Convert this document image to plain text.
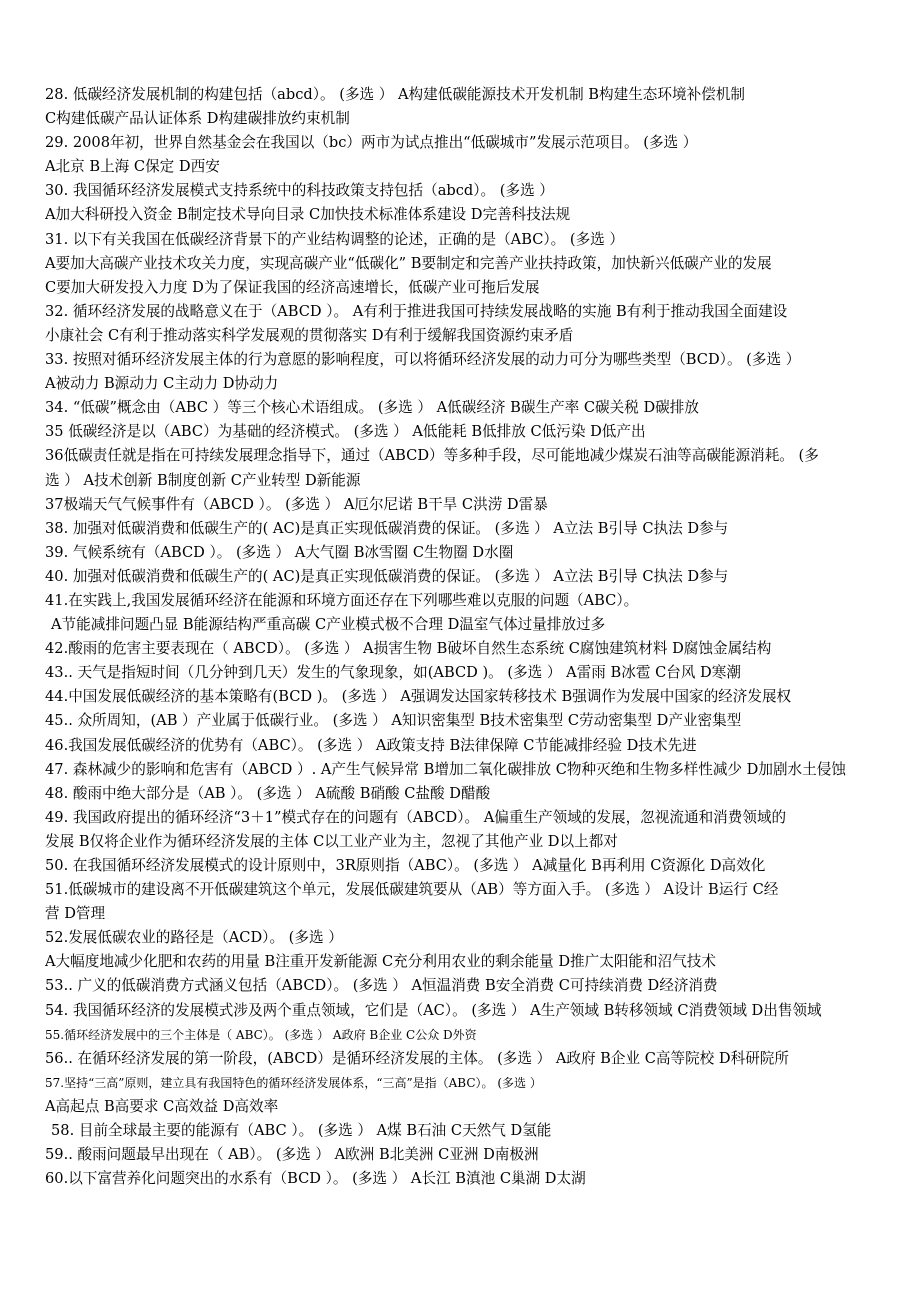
28. 低碳经济发展机制的构建包括（abcd）。 (多选 ） A构建低碳能源技术开发机制 B构建生态环境补偿机制
C构建低碳产品认证体系 D构建碳排放约束机制
29. 2008年初，世界自然基金会在我国以（bc）两市为试点推出“低碳城市”发展示范项目。 (多选 ）
A北京 B上海 C保定 D西安
30. 我国循环经济发展模式支持系统中的科技政策支持包括（abcd）。 (多选 ）
A加大科研投入资金 B制定技术导向目录 C加快技术标准体系建设 D完善科技法规
31. 以下有关我国在低碳经济背景下的产业结构调整的论述，正确的是（ABC）。 (多选 ）
A要加大高碳产业技术攻关力度，实现高碳产业“低碳化” B要制定和完善产业扶持政策，加快新兴低碳产业的发展
C要加大研发投入力度 D为了保证我国的经济高速增长，低碳产业可拖后发展
32. 循环经济发展的战略意义在于（ABCD ）。 A有利于推进我国可持续发展战略的实施 B有利于推动我国全面建设
小康社会 C有利于推动落实科学发展观的贯彻落实 D有利于缓解我国资源约束矛盾
33. 按照对循环经济发展主体的行为意愿的影响程度，可以将循环经济发展的动力可分为哪些类型（BCD）。 (多选 ）
A被动力 B源动力 C主动力 D协动力
34. “低碳”概念由（ABC ）等三个核心术语组成。 (多选 ） A低碳经济 B碳生产率 C碳关税 D碳排放
35 低碳经济是以（ABC）为基础的经济模式。 (多选 ） A低能耗 B低排放 C低污染 D低产出
36低碳责任就是指在可持续发展理念指导下，通过（ABCD）等多种手段，尽可能地减少煤炭石油等高碳能源消耗。 (多
选 ） A技术创新 B制度创新 C产业转型 D新能源
37极端天气气候事件有（ABCD ）。 (多选 ） A厄尔尼诺 B干旱 C洪涝 D雷暴
38. 加强对低碳消费和低碳生产的( AC)是真正实现低碳消费的保证。 (多选 ） A立法 B引导 C执法 D参与
39. 气候系统有（ABCD ）。 (多选 ） A大气圈 B冰雪圈 C生物圈 D水圈
40. 加强对低碳消费和低碳生产的( AC)是真正实现低碳消费的保证。 (多选 ） A立法 B引导 C执法 D参与
41.在实践上,我国发展循环经济在能源和环境方面还存在下列哪些难以克服的问题（ABC）。
A节能减排问题凸显 B能源结构严重高碳 C产业模式极不合理 D温室气体过量排放过多
42.酸雨的危害主要表现在（ ABCD）。 (多选 ） A损害生物 B破坏自然生态系统 C腐蚀建筑材料 D腐蚀金属结构
43.. 天气是指短时间（几分钟到几天）发生的气象现象，如(ABCD )。 (多选 ） A雷雨 B冰雹 C台风 D寒潮
44.中国发展低碳经济的基本策略有(BCD )。 (多选 ） A强调发达国家转移技术 B强调作为发展中国家的经济发展权
45.. 众所周知，(AB ）产业属于低碳行业。 (多选 ） A知识密集型 B技术密集型 C劳动密集型 D产业密集型
46.我国发展低碳经济的优势有（ABC）。 (多选 ） A政策支持 B法律保障 C节能减排经验 D技术先进
47. 森林减少的影响和危害有（ABCD ）. A产生气候异常 B增加二氧化碳排放 C物种灭绝和生物多样性减少 D加剧水土侵蚀
48. 酸雨中绝大部分是（AB ）。 (多选 ） A硫酸 B硝酸 C盐酸 D醋酸
49. 我国政府提出的循环经济“3＋1”模式存在的问题有（ABCD）。 A偏重生产领域的发展，忽视流通和消费领域的
发展 B仅将企业作为循环经济发展的主体 C以工业产业为主，忽视了其他产业 D以上都对
50. 在我国循环经济发展模式的设计原则中，3R原则指（ABC）。 (多选 ） A减量化 B再利用 C资源化 D高效化
51.低碳城市的建设离不开低碳建筑这个单元，发展低碳建筑要从（AB）等方面入手。 (多选 ） A设计 B运行 C经
营 D管理
52.发展低碳农业的路径是（ACD）。 (多选 ）
A大幅度地减少化肥和农药的用量 B注重开发新能源 C充分利用农业的剩余能量 D推广太阳能和沼气技术
53.. 广义的低碳消费方式涵义包括（ABCD）。 (多选 ） A恒温消费 B安全消费 C可持续消费 D经济消费
54. 我国循环经济的发展模式涉及两个重点领域，它们是（AC）。 (多选 ） A生产领域 B转移领域 C消费领域 D出售领域
55.循环经济发展中的三个主体是（ ABC）。 (多选 ） A政府 B企业 C公众 D外资
56.. 在循环经济发展的第一阶段，(ABCD）是循环经济发展的主体。 (多选 ） A政府 B企业 C高等院校 D科研院所
57.坚持“三高”原则，建立具有我国特色的循环经济发展体系，“三高”是指（ABC）。 (多选 ）
A高起点 B高要求 C高效益 D高效率
58. 目前全球最主要的能源有（ABC ）。 (多选 ） A煤 B石油 C天然气 D氢能
59.. 酸雨问题最早出现在（ AB）。 (多选 ） A欧洲 B北美洲 C亚洲 D南极洲
60.以下富营养化问题突出的水系有（BCD ）。 (多选 ） A长江 B滇池 C巢湖 D太湖
